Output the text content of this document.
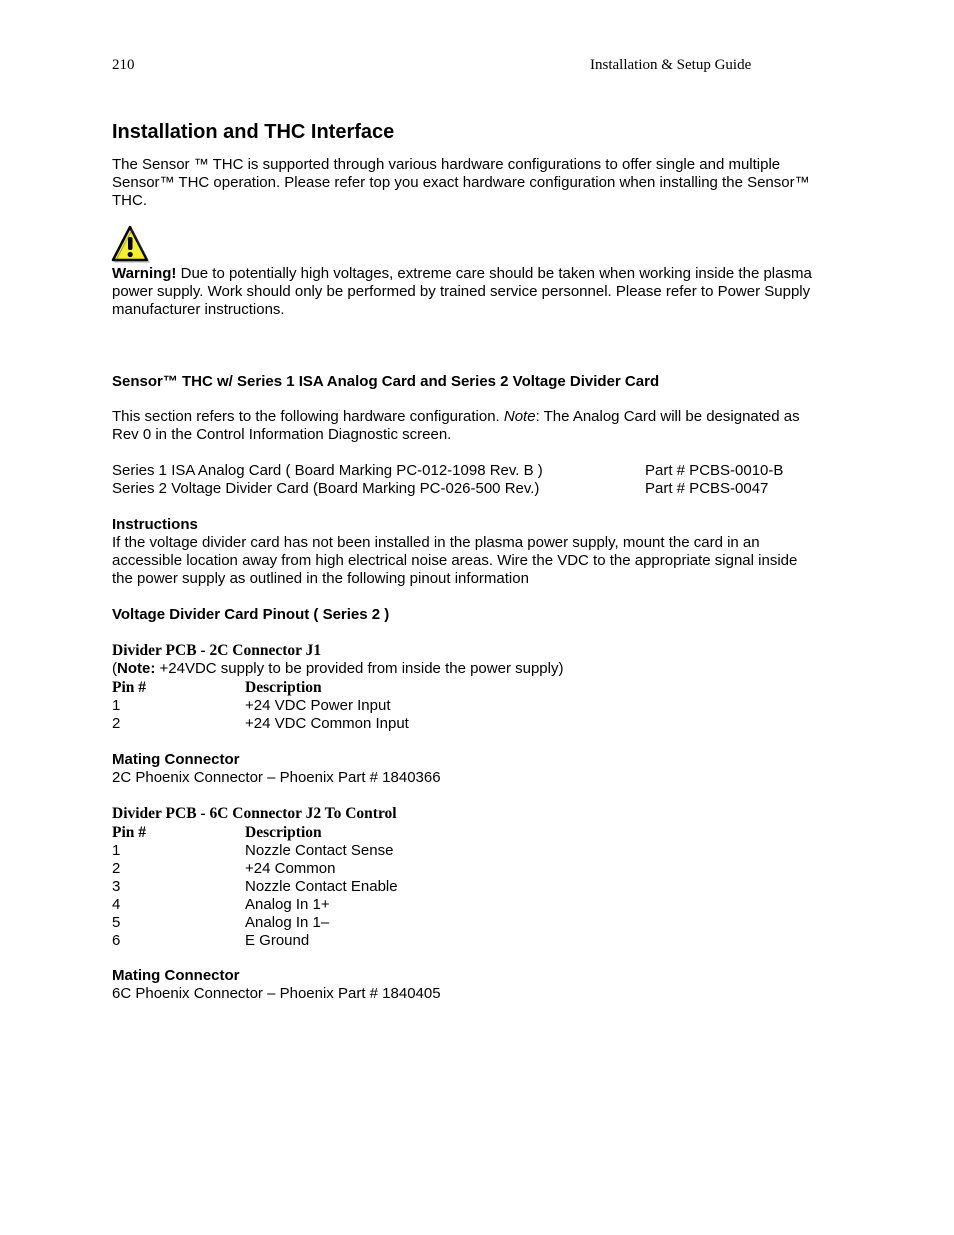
210	Installation & Setup Guide
Installation and THC Interface
The Sensor ™ THC is supported through various hardware configurations to offer single and multiple Sensor™ THC operation. Please refer top you exact hardware configuration when installing the Sensor™ THC.
Warning! Due to potentially high voltages, extreme care should be taken when working inside the plasma power supply. Work should only be performed by trained service personnel. Please refer to Power Supply manufacturer instructions.
Sensor™ THC w/ Series 1 ISA Analog Card and Series 2 Voltage Divider Card
This section refers to the following hardware configuration. Note: The Analog Card will be designated as Rev 0 in the Control Information Diagnostic screen.
Series 1 ISA Analog Card ( Board Marking PC-012-1098 Rev. B )	Part # PCBS-0010-B
Series 2 Voltage Divider Card (Board Marking PC-026-500 Rev.)	Part # PCBS-0047
Instructions
If the voltage divider card has not been installed in the plasma power supply, mount the card in an accessible location away from high electrical noise areas. Wire the VDC to the appropriate signal inside the power supply as outlined in the following pinout information
Voltage Divider Card Pinout ( Series 2 )
Divider PCB - 2C Connector J1
(Note: +24VDC supply to be provided from inside the power supply)
Pin #	Description
1	+24 VDC Power Input
2	+24 VDC Common Input
Mating Connector
2C Phoenix Connector – Phoenix Part # 1840366
Divider PCB - 6C Connector J2 To Control
Pin #	Description
1	Nozzle Contact Sense
2	+24 Common
3	Nozzle Contact Enable
4	Analog In 1+
5	Analog In 1–
6	E Ground
Mating Connector
6C Phoenix Connector – Phoenix Part # 1840405
